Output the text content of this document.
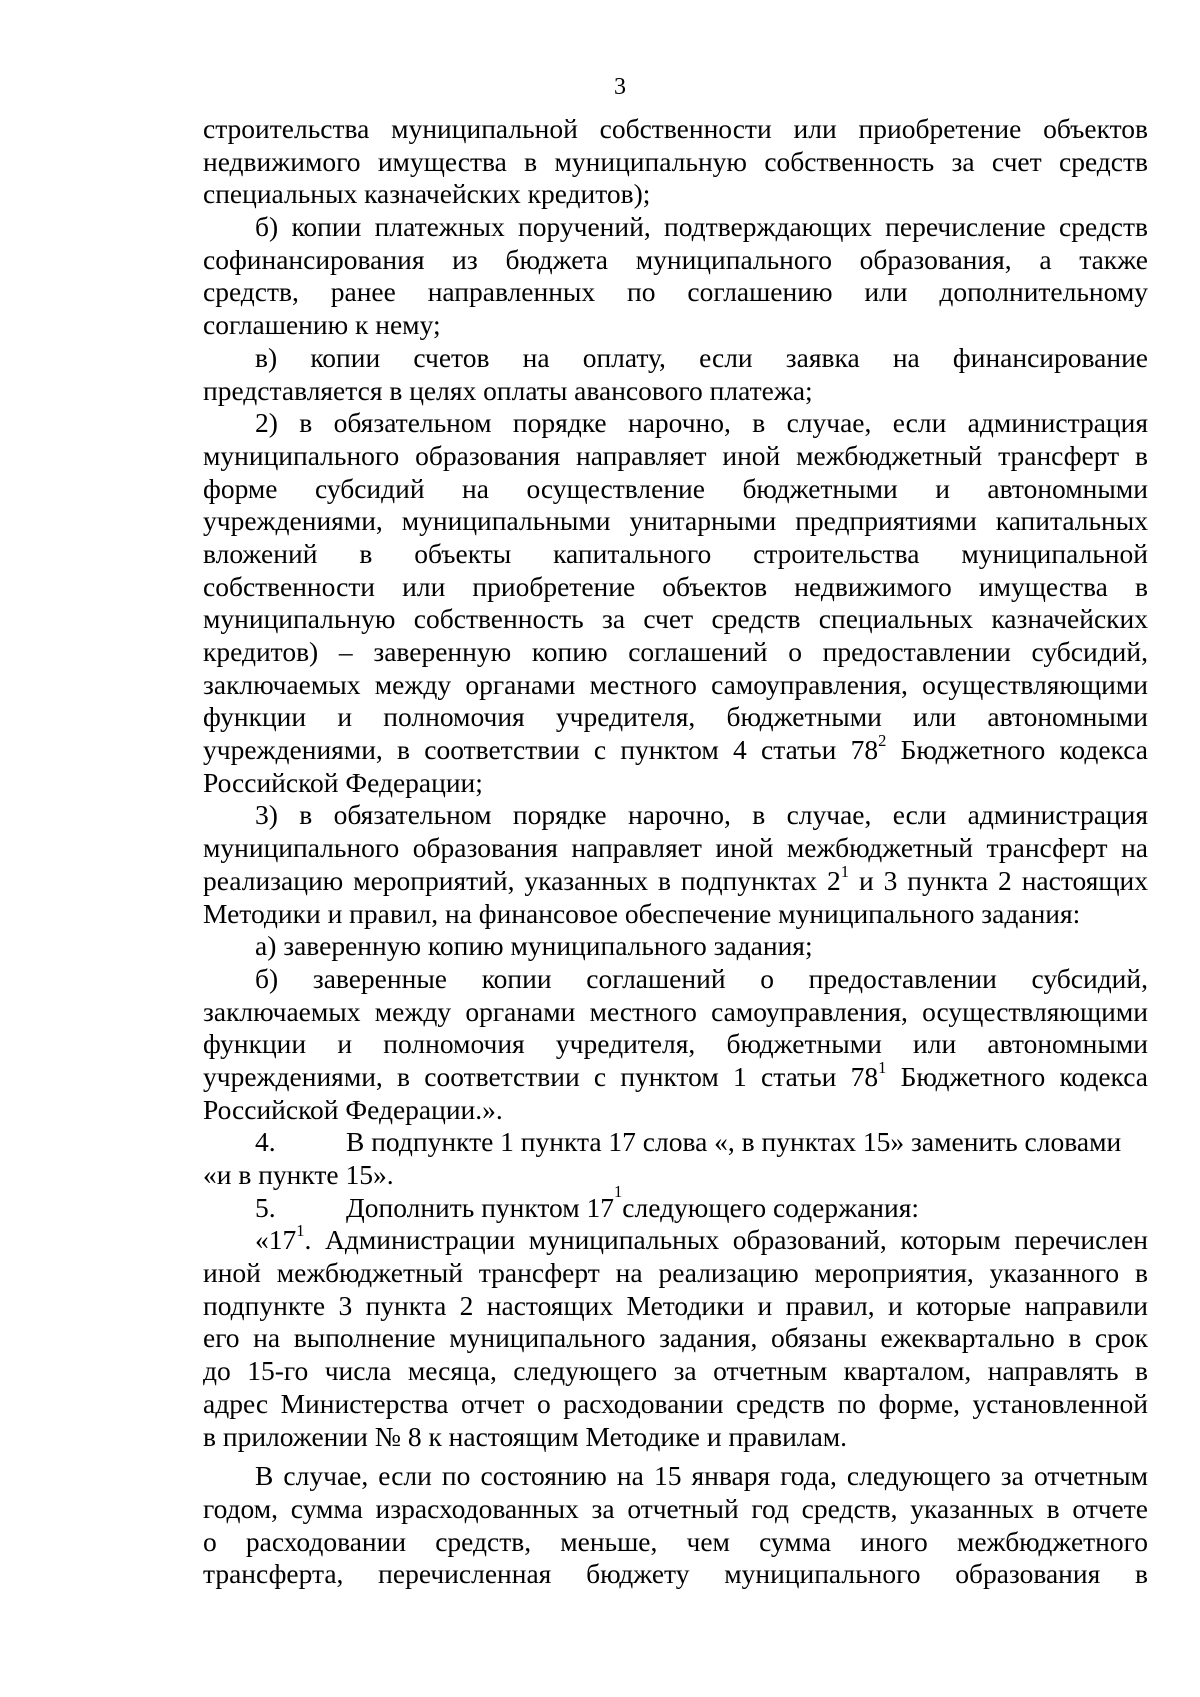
3
строительства муниципальной собственности или приобретение объектов
недвижимого имущества в муниципальную собственность за счет средств
специальных казначейских кредитов);
б) копии платежных поручений, подтверждающих перечисление средств
софинансирования из бюджета муниципального образования, а также
средств, ранее направленных по соглашению или дополнительному
соглашению к нему;
в) копии счетов на оплату, если заявка на финансирование
представляется в целях оплаты авансового платежа;
2) в обязательном порядке нарочно, в случае, если администрация
муниципального образования направляет иной межбюджетный трансферт в
форме субсидий на осуществление бюджетными и автономными
учреждениями, муниципальными унитарными предприятиями капитальных
вложений в объекты капитального строительства муниципальной
собственности или приобретение объектов недвижимого имущества в
муниципальную собственность за счет средств специальных казначейских
кредитов) – заверенную копию соглашений о предоставлении субсидий,
заключаемых между органами местного самоуправления, осуществляющими
функции и полномочия учредителя, бюджетными или автономными
учреждениями, в соответствии с пунктом 4 статьи $78^2$ Бюджетного кодекса
Российской Федерации;
3) в обязательном порядке нарочно, в случае, если администрация
муниципального образования направляет иной межбюджетный трансферт на
реализацию мероприятий, указанных в подпунктах $2^1$ и 3 пункта 2 настоящих
Методики и правил, на финансовое обеспечение муниципального задания:
а) заверенную копию муниципального задания;
б) заверенные копии соглашений о предоставлении субсидий,
заключаемых между органами местного самоуправления, осуществляющими
функции и полномочия учредителя, бюджетными или автономными
учреждениями, в соответствии с пунктом 1 статьи $78^1$ Бюджетного кодекса
Российской Федерации.».
4.	В подпункте 1 пункта 17 слова «, в пунктах 15» заменить словами
«и в пункте 15».
5.	Дополнить пунктом 17
1
следующего содержания:
«$17^1$. Администрации муниципальных образований, которым перечислен
иной межбюджетный трансферт на реализацию мероприятия, указанного в
подпункте 3 пункта 2 настоящих Методики и правил, и которые направили
его на выполнение муниципального задания, обязаны ежеквартально в срок
до 15-го числа месяца, следующего за отчетным кварталом, направлять в
адрес Министерства отчет о расходовании средств по форме, установленной
в приложении № 8 к настоящим Методике и правилам.
В случае, если по состоянию на 15 января года, следующего за отчетным
годом, сумма израсходованных за отчетный год средств, указанных в отчете
о расходовании средств, меньше, чем сумма иного межбюджетного
трансферта, перечисленная бюджету муниципального образования в
